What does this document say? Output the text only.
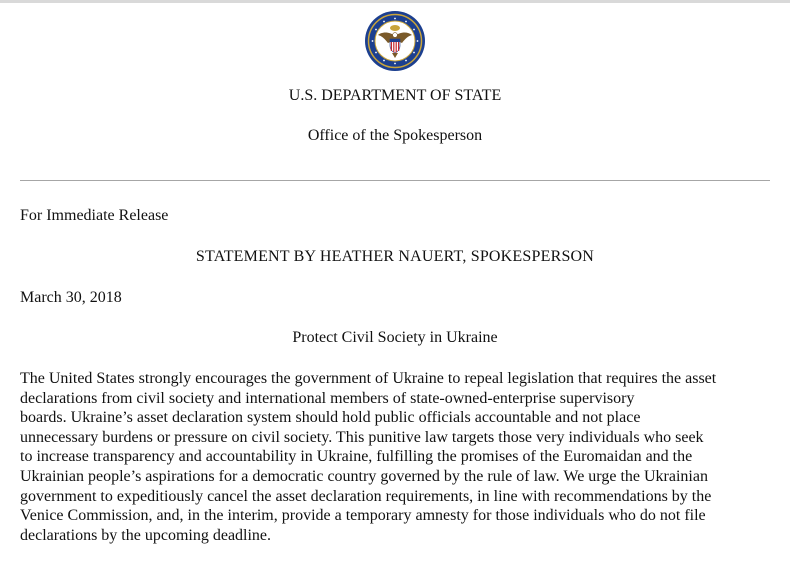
U.S. DEPARTMENT OF STATE
Office of the Spokesperson
For Immediate Release
STATEMENT BY HEATHER NAUERT, SPOKESPERSON
March 30, 2018
Protect Civil Society in Ukraine
The United States strongly encourages the government of Ukraine to repeal legislation that requires the asset
declarations from civil society and international members of state-owned-enterprise supervisory
boards. Ukraine’s asset declaration system should hold public officials accountable and not place
unnecessary burdens or pressure on civil society. This punitive law targets those very individuals who seek
to increase transparency and accountability in Ukraine, fulfilling the promises of the Euromaidan and the
Ukrainian people’s aspirations for a democratic country governed by the rule of law. We urge the Ukrainian
government to expeditiously cancel the asset declaration requirements, in line with recommendations by the
Venice Commission, and, in the interim, provide a temporary amnesty for those individuals who do not file
declarations by the upcoming deadline.
